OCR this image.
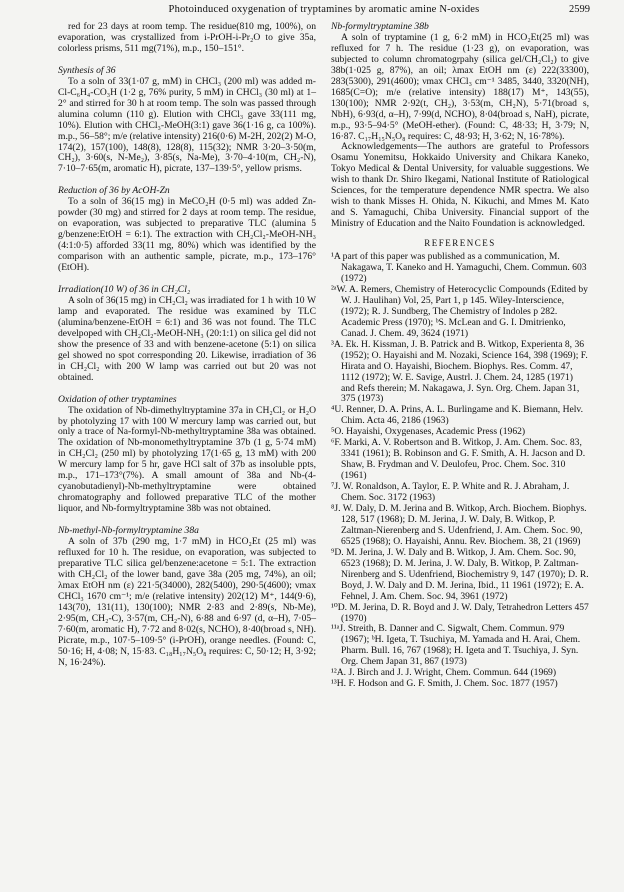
Photoinduced oxygenation of tryptamines by aromatic amine N-oxides	2599

red for 23 days at room temp. The residue(810 mg, 100%), on evaporation, was crystallized from i-PrOH-i-Pr₂O to give 35a, colorless prisms, 511 mg(71%), m.p., 150–151°.

Synthesis of 36

To a soln of 33(1·07 g, mM) in CHCl₃ (200 ml) was added m-Cl-C₆H₄-CO₃H (1·2 g, 76% purity, 5 mM) in CHCl₃ (30 ml) at 1–2° and stirred for 30 h at room temp. The soln was passed through alumina column (110 g). Elution with CHCl₃ gave 33(111 mg, 10%). Elution with CHCl₃-MeOH(3:1) gave 36(1·16 g, ca 100%). m.p., 56–58°; m/e (relative intensity) 216(0·6) M-2H, 202(2) M-O, 174(2), 157(100), 148(8), 128(8), 115(32); NMR 3·20–3·50(m, CH₂), 3·60(s, N-Me₂), 3·85(s, Na-Me), 3·70–4·10(m, CH₂-N), 7·10–7·65(m, aromatic H), picrate, 137–139·5°, yellow prisms.

Reduction of 36 by AcOH-Zn

To a soln of 36(15 mg) in MeCO₂H (0·5 ml) was added Zn-powder (30 mg) and stirred for 2 days at room temp. The residue, on evaporation, was subjected to preparative TLC (alumina 5 g/benzene:EtOH = 6:1). The extraction with CH₂Cl₂-MeOH-NH₃ (4:1:0·5) afforded 33(11 mg, 80%) which was identified by the comparison with an authentic sample, picrate, m.p., 173–176° (EtOH).

Irradiation(10 W) of 36 in CH₂Cl₂

A soln of 36(15 mg) in CH₂Cl₂ was irradiated for 1 h with 10 W lamp and evaporated. The residue was examined by TLC (alumina/benzene-EtOH = 6:1) and 36 was not found. The TLC develpoped with CH₂Cl₂-MeOH-NH₃ (20:1:1) on silica gel did not show the presence of 33 and with benzene-acetone (5:1) on silica gel showed no spot corresponding 20. Likewise, irradiation of 36 in CH₂Cl₂ with 200 W lamp was carried out but 20 was not obtained.

Oxidation of other tryptamines

The oxidation of Nb-dimethyltryptamine 37a in CH₂Cl₂ or H₂O by photolyzing 17 with 100 W mercury lamp was carried out, but only a trace of Na-formyl-Nb-methyltryptamine 38a was obtained. The oxidation of Nb-monomethyltryptamine 37b (1 g, 5·74 mM) in CH₂Cl₂ (250 ml) by photolyzing 17(1·65 g, 13 mM) with 200 W mercury lamp for 5 hr, gave HCl salt of 37b as insoluble ppts, m.p., 171–173°(7%). A small amount of 38a and Nb-(4-cyanobutadienyl)-Nb-methyltryptamine were obtained chromatography and followed preparative TLC of the mother liquor, and Nb-formyltryptamine 38b was not obtained.

Nb-methyl-Nb-formyltryptamine 38a

A soln of 37b (290 mg, 1·7 mM) in HCO₂Et (25 ml) was refluxed for 10 h. The residue, on evaporation, was subjected to preparative TLC silica gel/benzene:acetone = 5:1. The extraction with CH₂Cl₂ of the lower band, gave 38a (205 mg, 74%), an oil; λmax EtOH nm (ε) 221·5(34000), 282(5400), 290·5(4600); νmax CHCl₃ 1670 cm⁻¹; m/e (relative intensity) 202(12) M⁺, 144(9·6), 143(70), 131(11), 130(100); NMR 2·83 and 2·89(s, Nb-Me), 2·95(m, CH₂-C), 3·57(m, CH₂-N), 6·88 and 6·97 (d, α–H), 7·05–7·60(m, aromatic H), 7·72 and 8·02(s, NCHO), 8·40(broad s, NH). Picrate, m.p., 107·5–109·5° (i-PrOH), orange needles. (Found: C, 50·16; H, 4·08; N, 15·83. C₁₈H₁₇N₅O₈ requires: C, 50·12; H, 3·92; N, 16·24%).

Nb-formyltryptamine 38b

A soln of tryptamine (1 g, 6·2 mM) in HCO₂Et(25 ml) was refluxed for 7 h. The residue (1·23 g), on evaporation, was subjected to column chromatogrpahy (silica gel/CH₂Cl₂) to give 38b(1·025 g, 87%), an oil; λmax EtOH nm (ε) 222(33300), 283(5300), 291(4600); νmax CHCl₃ cm⁻¹ 3485, 3440, 3320(NH), 1685(C=O); m/e (relative intensity) 188(17) M⁺, 143(55), 130(100); NMR 2·92(t, CH₂), 3·53(m, CH₂N), 5·71(broad s, NbH), 6·93(d, α–H), 7·99(d, NCHO), 8·04(broad s, NaH), picrate, m.p., 93·5–94·5° (MeOH-ether). (Found: C, 48·33; H, 3·79; N, 16·87. C₁₇H₁₅N₅O₈ requires: C, 48·93; H, 3·62; N, 16·78%).

Acknowledgements—The authors are grateful to Professors Osamu Yonemitsu, Hokkaido University and Chikara Kaneko, Tokyo Medical & Dental University, for valuable suggestions. We wish to thank Dr. Shiro Ikegami, National Institute of Ratiological Sciences, for the temperature dependence NMR spectra. We also wish to thank Misses H. Ohida, N. Kikuchi, and Mmes M. Kato and S. Yamaguchi, Chiba University. Financial support of the Ministry of Education and the Naito Foundation is acknowledged.

REFERENCES

¹A part of this paper was published as a communication, M. Nakagawa, T. Kaneko and H. Yamaguchi, Chem. Commun. 603 (1972)

²ᵃW. A. Remers, Chemistry of Heterocyclic Compounds (Edited by W. J. Haulihan) Vol, 25, Part 1, p 145. Wiley-Interscience, (1972); R. J. Sundberg, The Chemistry of Indoles p 282. Academic Press (1970); ᵇS. McLean and G. I. Dmitrienko, Canad. J. Chem. 49, 3624 (1971)

³A. Ek. H. Kissman, J. B. Patrick and B. Witkop, Experienta 8, 36 (1952); O. Hayaishi and M. Nozaki, Science 164, 398 (1969); F. Hirata and O. Hayaishi, Biochem. Biophys. Res. Comm. 47, 1112 (1972); W. E. Savige, Austrl. J. Chem. 24, 1285 (1971) and Refs therein; M. Nakagawa, J. Syn. Org. Chem. Japan 31, 375 (1973)

⁴U. Renner, D. A. Prins, A. L. Burlingame and K. Biemann, Helv. Chim. Acta 46, 2186 (1963)

⁵O. Hayaishi, Oxygenases, Academic Press (1962)

⁶F. Marki, A. V. Robertson and B. Witkop, J. Am. Chem. Soc. 83, 3341 (1961); B. Robinson and G. F. Smith, A. H. Jacson and D. Shaw, B. Frydman and V. Deulofeu, Proc. Chem. Soc. 310 (1961)

⁷J. W. Ronaldson, A. Taylor, E. P. White and R. J. Abraham, J. Chem. Soc. 3172 (1963)

⁸J. W. Daly, D. M. Jerina and B. Witkop, Arch. Biochem. Biophys. 128, 517 (1968); D. M. Jerina, J. W. Daly, B. Witkop, P. Zaltman-Nierenberg and S. Udenfriend, J. Am. Chem. Soc. 90, 6525 (1968); O. Hayaishi, Annu. Rev. Biochem. 38, 21 (1969)

⁹D. M. Jerina, J. W. Daly and B. Witkop, J. Am. Chem. Soc. 90, 6523 (1968); D. M. Jerina, J. W. Daly, B. Witkop, P. Zaltman-Nirenberg and S. Udenfriend, Biochemistry 9, 147 (1970); D. R. Boyd, J. W. Daly and D. M. Jerina, Ibid., 11 1961 (1972); E. A. Fehnel, J. Am. Chem. Soc. 94, 3961 (1972)

¹⁰D. M. Jerina, D. R. Boyd and J. W. Daly, Tetrahedron Letters 457 (1970)

¹¹ᵃJ. Streith, B. Danner and C. Sigwalt, Chem. Commun. 979 (1967); ᵇH. Igeta, T. Tsuchiya, M. Yamada and H. Arai, Chem. Pharm. Bull. 16, 767 (1968); H. Igeta and T. Tsuchiya, J. Syn. Org. Chem Japan 31, 867 (1973)

¹²A. J. Birch and J. J. Wright, Chem. Commun. 644 (1969)

¹³H. F. Hodson and G. F. Smith, J. Chem. Soc. 1877 (1957)
